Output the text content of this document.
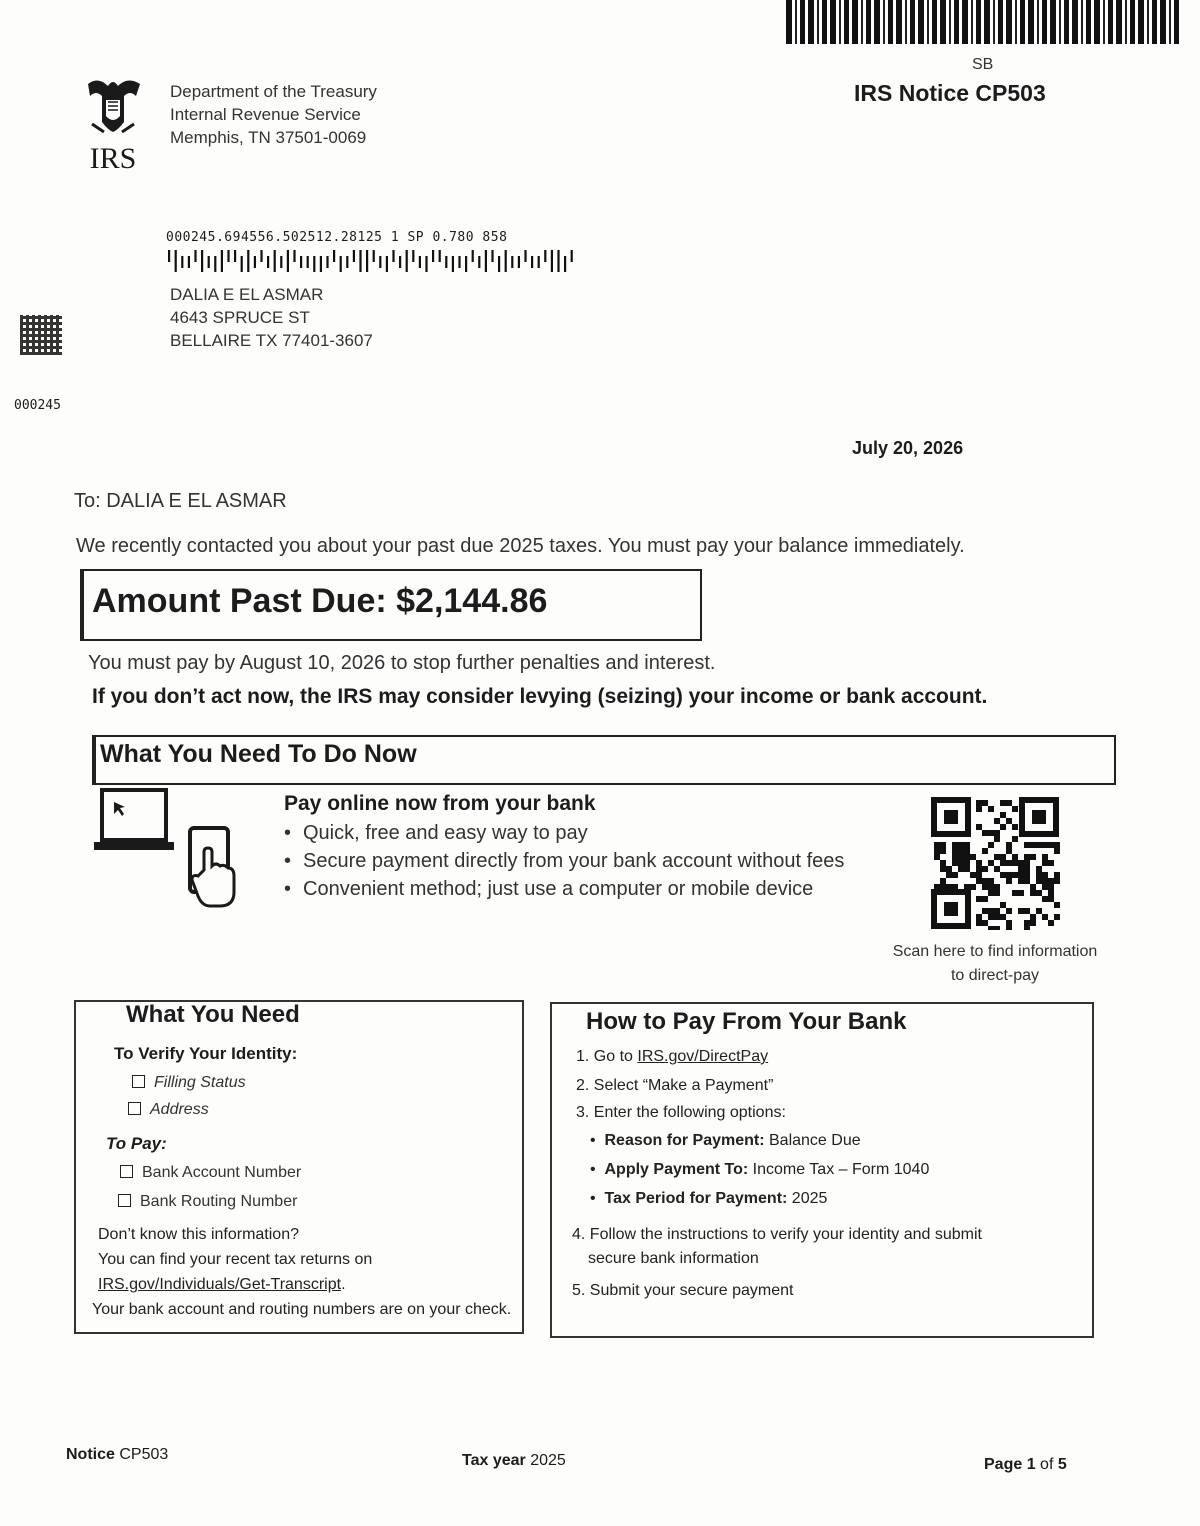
SB
IRS Notice CP503
IRS
Department of the Treasury
Internal Revenue Service
Memphis, TN 37501-0069
000245.694556.502512.28125 1 SP 0.780 858
DALIA E EL ASMAR
4643 SPRUCE ST
BELLAIRE TX 77401-3607
000245
July 20, 2026
To: DALIA E EL ASMAR
We recently contacted you about your past due 2025 taxes. You must pay your balance immediately.
Amount Past Due: $2,144.86
You must pay by August 10, 2026 to stop further penalties and interest.
If you don’t act now, the IRS may consider levying (seizing) your income or bank account.
What You Need To Do Now
Pay online now from your bank
• Quick, free and easy way to pay
• Secure payment directly from your bank account without fees
• Convenient method; just use a computer or mobile device
Scan here to find information
to direct-pay
What You Need
To Verify Your Identity:
Filling Status
Address
To Pay:
Bank Account Number
Bank Routing Number
Don’t know this information?
You can find your recent tax returns on
IRS.gov/Individuals/Get-Transcript.
Your bank account and routing numbers are on your check.
How to Pay From Your Bank
1. Go to IRS.gov/DirectPay
2. Select “Make a Payment”
3. Enter the following options:
•  Reason for Payment: Balance Due
•  Apply Payment To: Income Tax – Form 1040
•  Tax Period for Payment: 2025
4. Follow the instructions to verify your identity and submit
secure bank information
5. Submit your secure payment
Notice CP503	Tax year 2025	Page 1 of 5
